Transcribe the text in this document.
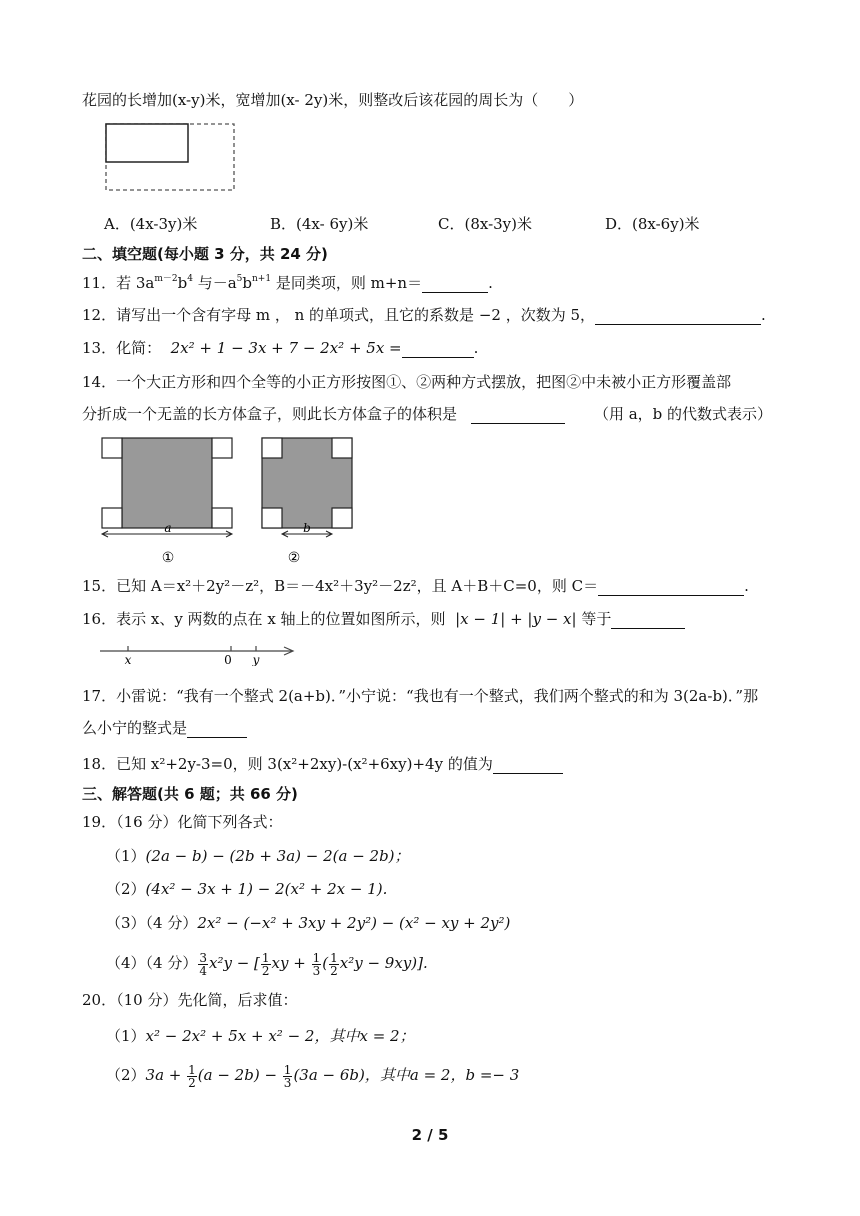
花园的长增加(x-y)米，宽增加(x- 2y)米，则整改后该花园的周长为（　　）
A．(4x-3y)米	B．(4x- 6y)米	C．(8x-3y)米	D．(8x-6y)米
二、填空题(每小题 3 分，共 24 分)
11．若 $3a^{m-2}b^4$ 与$-a^5b^{n+1}$ 是同类项，则 m+n＝	.
12．请写出一个含有字母 m ， n 的单项式，且它的系数是 −2 ，次数为 5，	.
13．化简： 2x² + 1 − 3x + 7 − 2x² + 5x =	.
14．一个大正方形和四个全等的小正方形按图①、②两种方式摆放，把图②中未被小正方形覆盖部
分折成一个无盖的长方体盒子，则此长方体盒子的体积是	（用 a，b 的代数式表示）
a
①
b
②
15．已知 A＝x²＋2y²－z²，B＝－4x²＋3y²－2z²，且 A＋B＋C=0，则 C＝	.
16．表示 x、y 两数的点在 x 轴上的位置如图所示，则  |x − 1| + |y − x| 等于
x	0 y
17．小雷说：“我有一个整式 2(a+b)．”小宁说：“我也有一个整式，我们两个整式的和为 3(2a-b)．”那
么小宁的整式是
18．已知 x²+2y-3=0，则 3(x²+2xy)-(x²+6xy)+4y 的值为
三、解答题(共 6 题；共 66 分)
19．（16 分）化简下列各式：
（1）(2a − b) − (2b + 3a) − 2(a − 2b)；
（2）(4x² − 3x + 1) − 2(x² + 2x − 1).
（3）（4 分）2x² − (−x² + 3xy + 2y²) − (x² − xy + 2y²)
（4）（4 分） $\frac{3}{4} x^2y$ − [ $\frac{1}{2}$ xy + $\frac{1}{3}$ ( $\frac{1}{2} x^2y - 9xy$)].
20．（10 分）先化简，后求值：
（1）x² − 2x² + 5x + x² − 2，其中x = 2；
$(2)3a + \frac{1}{2} (a - 2b) - \frac{1}{3} (3a - 6b)$，其中a = 2，b =− 3
2 / 5
